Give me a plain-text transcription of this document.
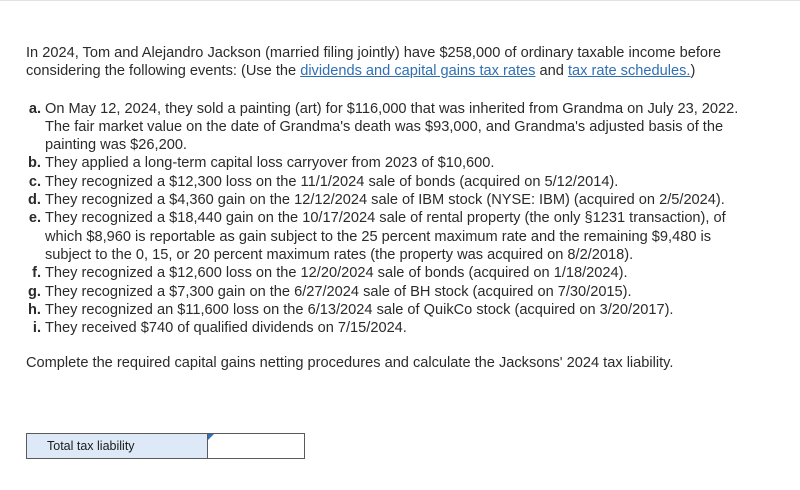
In 2024, Tom and Alejandro Jackson (married filing jointly) have $258,000 of ordinary taxable income before considering the following events: (Use the dividends and capital gains tax rates and tax rate schedules.)

a. On May 12, 2024, they sold a painting (art) for $116,000 that was inherited from Grandma on July 23, 2022. The fair market value on the date of Grandma's death was $93,000, and Grandma's adjusted basis of the painting was $26,200.
b. They applied a long-term capital loss carryover from 2023 of $10,600.
c. They recognized a $12,300 loss on the 11/1/2024 sale of bonds (acquired on 5/12/2014).
d. They recognized a $4,360 gain on the 12/12/2024 sale of IBM stock (NYSE: IBM) (acquired on 2/5/2024).
e. They recognized a $18,440 gain on the 10/17/2024 sale of rental property (the only §1231 transaction), of which $8,960 is reportable as gain subject to the 25 percent maximum rate and the remaining $9,480 is subject to the 0, 15, or 20 percent maximum rates (the property was acquired on 8/2/2018).
f. They recognized a $12,600 loss on the 12/20/2024 sale of bonds (acquired on 1/18/2024).
g. They recognized a $7,300 gain on the 6/27/2024 sale of BH stock (acquired on 7/30/2015).
h. They recognized an $11,600 loss on the 6/13/2024 sale of QuikCo stock (acquired on 3/20/2017).
i. They received $740 of qualified dividends on 7/15/2024.

Complete the required capital gains netting procedures and calculate the Jacksons' 2024 tax liability.

Total tax liability
